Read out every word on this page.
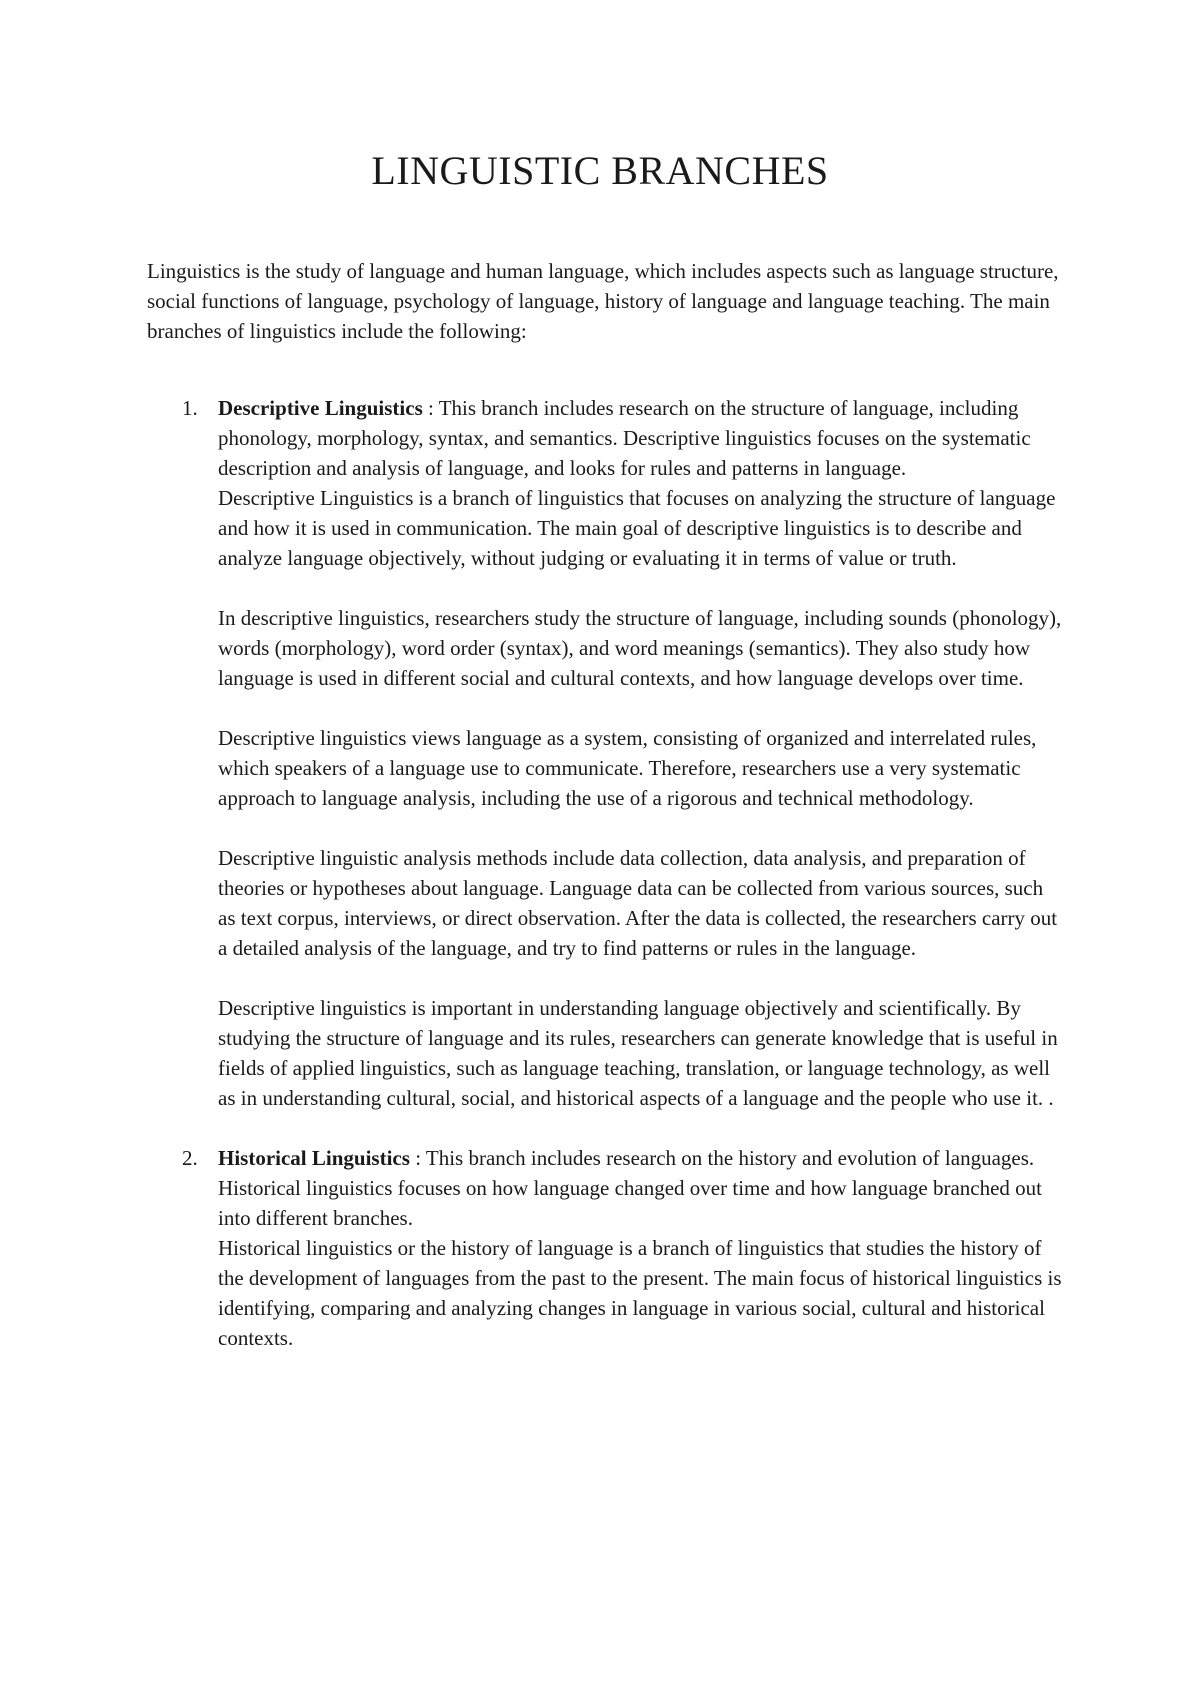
LINGUISTIC BRANCHES

Linguistics is the study of language and human language, which includes aspects such as language structure, social functions of language, psychology of language, history of language and language teaching. The main branches of linguistics include the following:

1. Descriptive Linguistics : This branch includes research on the structure of language, including phonology, morphology, syntax, and semantics. Descriptive linguistics focuses on the systematic description and analysis of language, and looks for rules and patterns in language.

Descriptive Linguistics is a branch of linguistics that focuses on analyzing the structure of language and how it is used in communication. The main goal of descriptive linguistics is to describe and analyze language objectively, without judging or evaluating it in terms of value or truth.

In descriptive linguistics, researchers study the structure of language, including sounds (phonology), words (morphology), word order (syntax), and word meanings (semantics). They also study how language is used in different social and cultural contexts, and how language develops over time.

Descriptive linguistics views language as a system, consisting of organized and interrelated rules, which speakers of a language use to communicate. Therefore, researchers use a very systematic approach to language analysis, including the use of a rigorous and technical methodology.

Descriptive linguistic analysis methods include data collection, data analysis, and preparation of theories or hypotheses about language. Language data can be collected from various sources, such as text corpus, interviews, or direct observation. After the data is collected, the researchers carry out a detailed analysis of the language, and try to find patterns or rules in the language.

Descriptive linguistics is important in understanding language objectively and scientifically. By studying the structure of language and its rules, researchers can generate knowledge that is useful in fields of applied linguistics, such as language teaching, translation, or language technology, as well as in understanding cultural, social, and historical aspects of a language and the people who use it. .

2. Historical Linguistics : This branch includes research on the history and evolution of languages. Historical linguistics focuses on how language changed over time and how language branched out into different branches.

Historical linguistics or the history of language is a branch of linguistics that studies the history of the development of languages from the past to the present. The main focus of historical linguistics is identifying, comparing and analyzing changes in language in various social, cultural and historical contexts.
